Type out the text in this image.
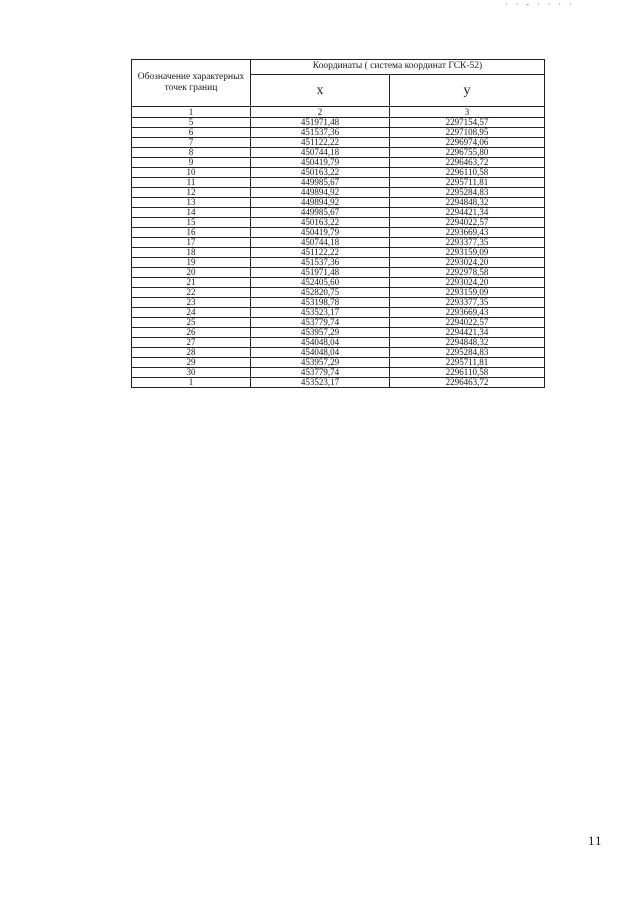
· · - · · · ·
Обозначение характерных точек границ	Координаты ( система координат ГСК-52)	
	x	y
1	2	3
5	451971,48	2297154,57
6	451537,36	2297108,95
7	451122,22	2296974,06
8	450744,18	2296755,80
9	450419,79	2296463,72
10	450163,22	2296110,58
11	449985,67	2295711,81
12	449894,92	2295284,83
13	449894,92	2294848,32
14	449985,67	2294421,34
15	450163,22	2294022,57
16	450419,79	2293669,43
17	450744,18	2293377,35
18	451122,22	2293159,09
19	451537,36	2293024,20
20	451971,48	2292978,58
21	452405,60	2293024,20
22	452820,75	2293159,09
23	453198,78	2293377,35
24	453523,17	2293669,43
25	453779,74	2294022,57
26	453957,29	2294421,34
27	454048,04	2294848,32
28	454048,04	2295284,83
29	453957,29	2295711,81
30	453779,74	2296110,58
1	453523,17	2296463,72
11
